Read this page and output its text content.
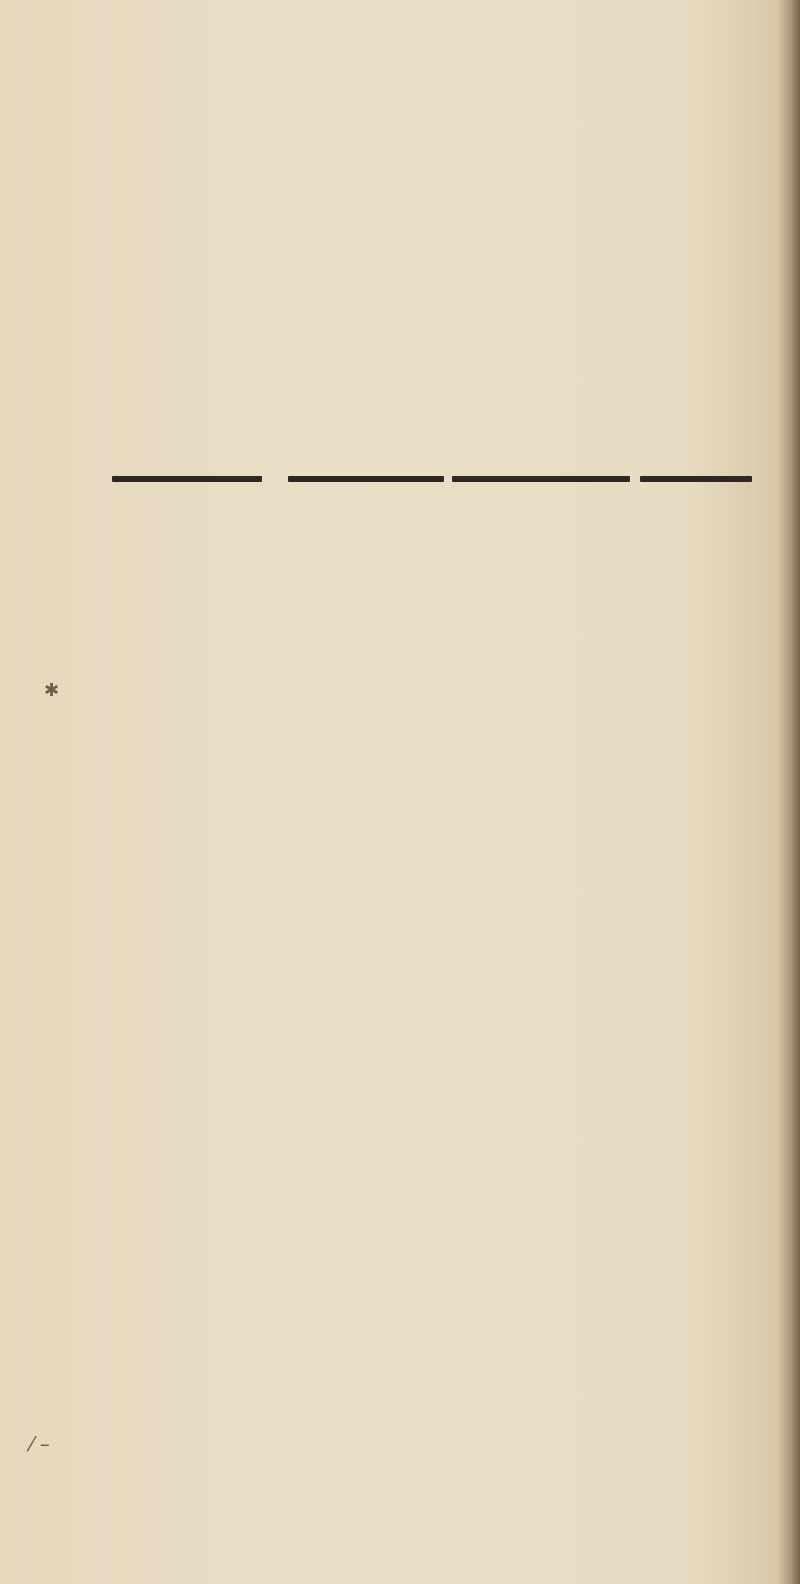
✱
⁄ –
